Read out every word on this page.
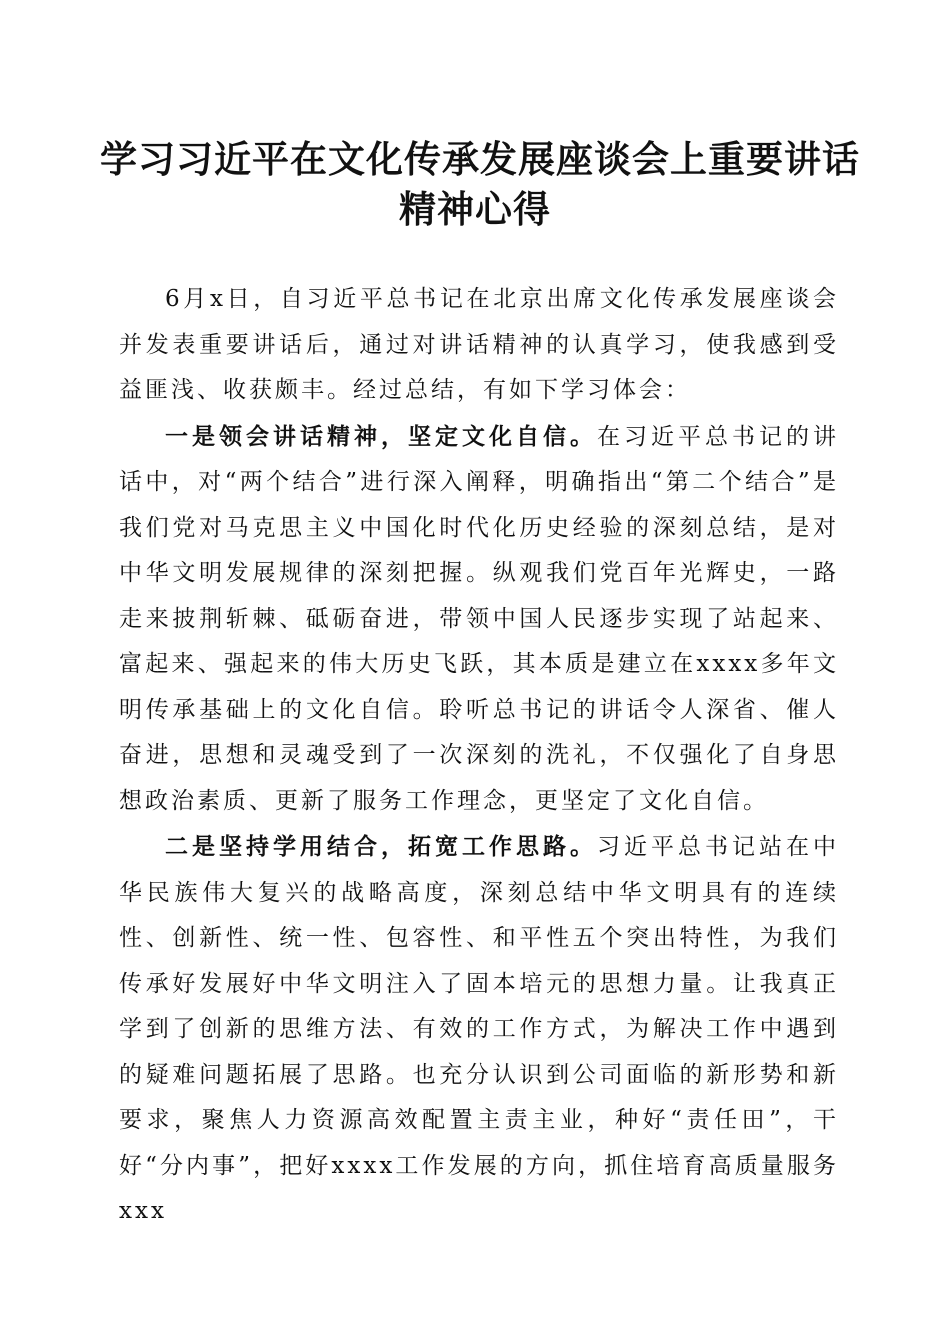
学习习近平在文化传承发展座谈会上重要讲话
精神心得

6月x日，自习近平总书记在北京出席文化传承发展座谈会并发表重要讲话后，通过对讲话精神的认真学习，使我感到受益匪浅、收获颇丰。经过总结，有如下学习体会：

一是领会讲话精神，坚定文化自信。在习近平总书记的讲话中，对“两个结合”进行深入阐释，明确指出“第二个结合”是我们党对马克思主义中国化时代化历史经验的深刻总结，是对中华文明发展规律的深刻把握。纵观我们党百年光辉史，一路走来披荆斩棘、砥砺奋进，带领中国人民逐步实现了站起来、富起来、强起来的伟大历史飞跃，其本质是建立在xxxx多年文明传承基础上的文化自信。聆听总书记的讲话令人深省、催人奋进，思想和灵魂受到了一次深刻的洗礼，不仅强化了自身思想政治素质、更新了服务工作理念，更坚定了文化自信。

二是坚持学用结合，拓宽工作思路。习近平总书记站在中华民族伟大复兴的战略高度，深刻总结中华文明具有的连续性、创新性、统一性、包容性、和平性五个突出特性，为我们传承好发展好中华文明注入了固本培元的思想力量。让我真正学到了创新的思维方法、有效的工作方式，为解决工作中遇到的疑难问题拓展了思路。也充分认识到公司面临的新形势和新要求，聚焦人力资源高效配置主责主业，种好“责任田”，干好“分内事”，把好xxxx工作发展的方向，抓住培育高质量服务xxx
